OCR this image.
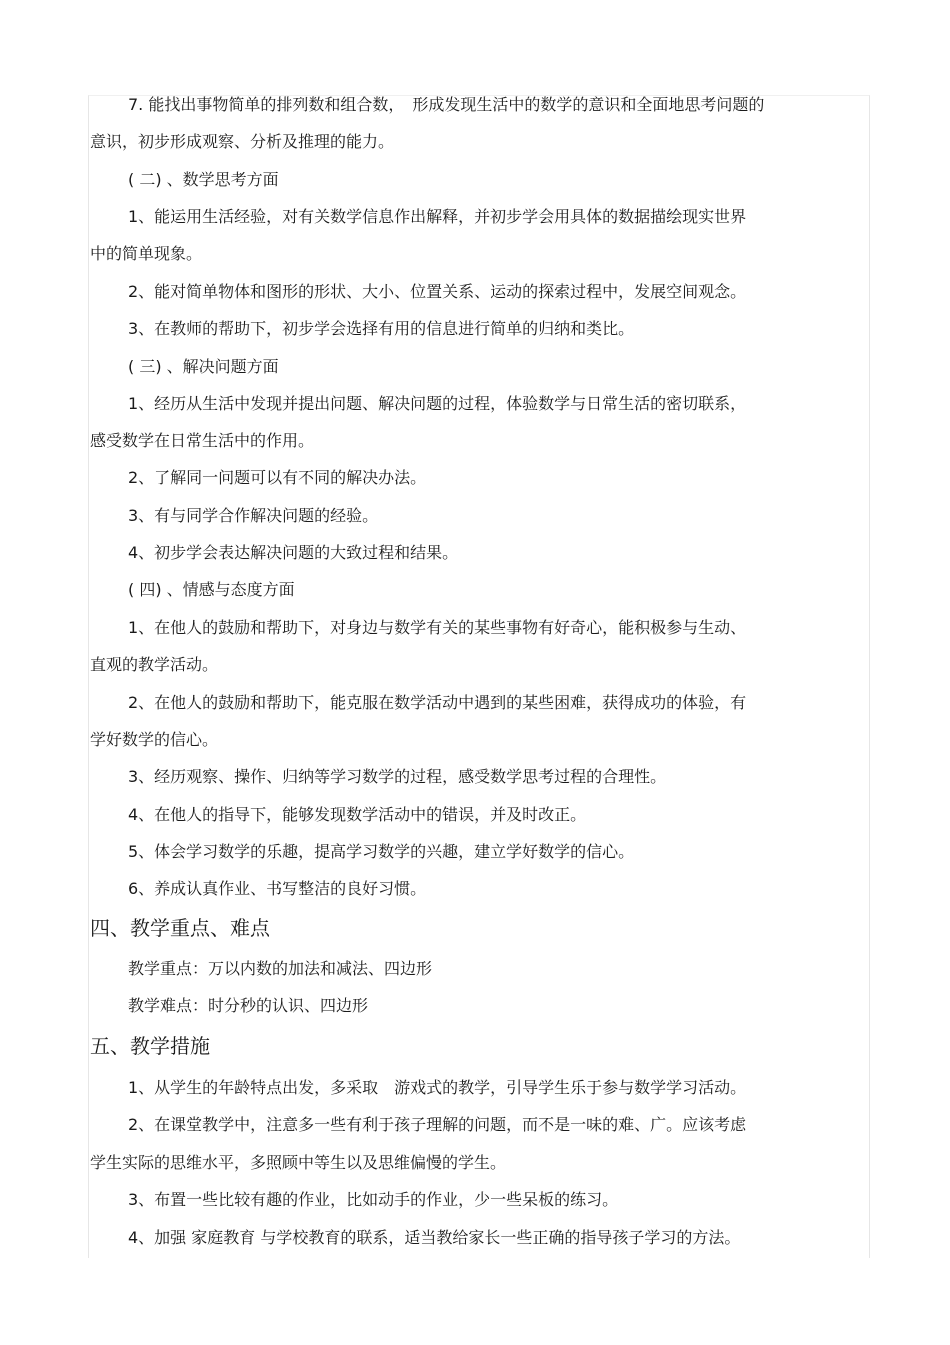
7. 能找出事物简单的排列数和组合数，　形成发现生活中的数学的意识和全面地思考问题的
意识，初步形成观察、分析及推理的能力。
( 二) 、数学思考方面
1、能运用生活经验，对有关数学信息作出解释，并初步学会用具体的数据描绘现实世界
中的简单现象。
2、能对简单物体和图形的形状、大小、位置关系、运动的探索过程中，发展空间观念。
3、在教师的帮助下，初步学会选择有用的信息进行简单的归纳和类比。
( 三) 、解决问题方面
1、经历从生活中发现并提出问题、解决问题的过程，体验数学与日常生活的密切联系，
感受数学在日常生活中的作用。
2、了解同一问题可以有不同的解决办法。
3、有与同学合作解决问题的经验。
4、初步学会表达解决问题的大致过程和结果。
( 四) 、情感与态度方面
1、在他人的鼓励和帮助下，对身边与数学有关的某些事物有好奇心，能积极参与生动、
直观的教学活动。
2、在他人的鼓励和帮助下，能克服在数学活动中遇到的某些困难，获得成功的体验，有
学好数学的信心。
3、经历观察、操作、归纳等学习数学的过程，感受数学思考过程的合理性。
4、在他人的指导下，能够发现数学活动中的错误，并及时改正。
5、体会学习数学的乐趣，提高学习数学的兴趣，建立学好数学的信心。
6、养成认真作业、书写整洁的良好习惯。
四、教学重点、难点
教学重点：万以内数的加法和减法、四边形
教学难点：时分秒的认识、四边形
五、教学措施
1、从学生的年龄特点出发，多采取　游戏式的教学，引导学生乐于参与数学学习活动。
2、在课堂教学中，注意多一些有利于孩子理解的问题，而不是一味的难、广。应该考虑
学生实际的思维水平，多照顾中等生以及思维偏慢的学生。
3、布置一些比较有趣的作业，比如动手的作业，少一些呆板的练习。
4、加强 家庭教育 与学校教育的联系，适当教给家长一些正确的指导孩子学习的方法。
